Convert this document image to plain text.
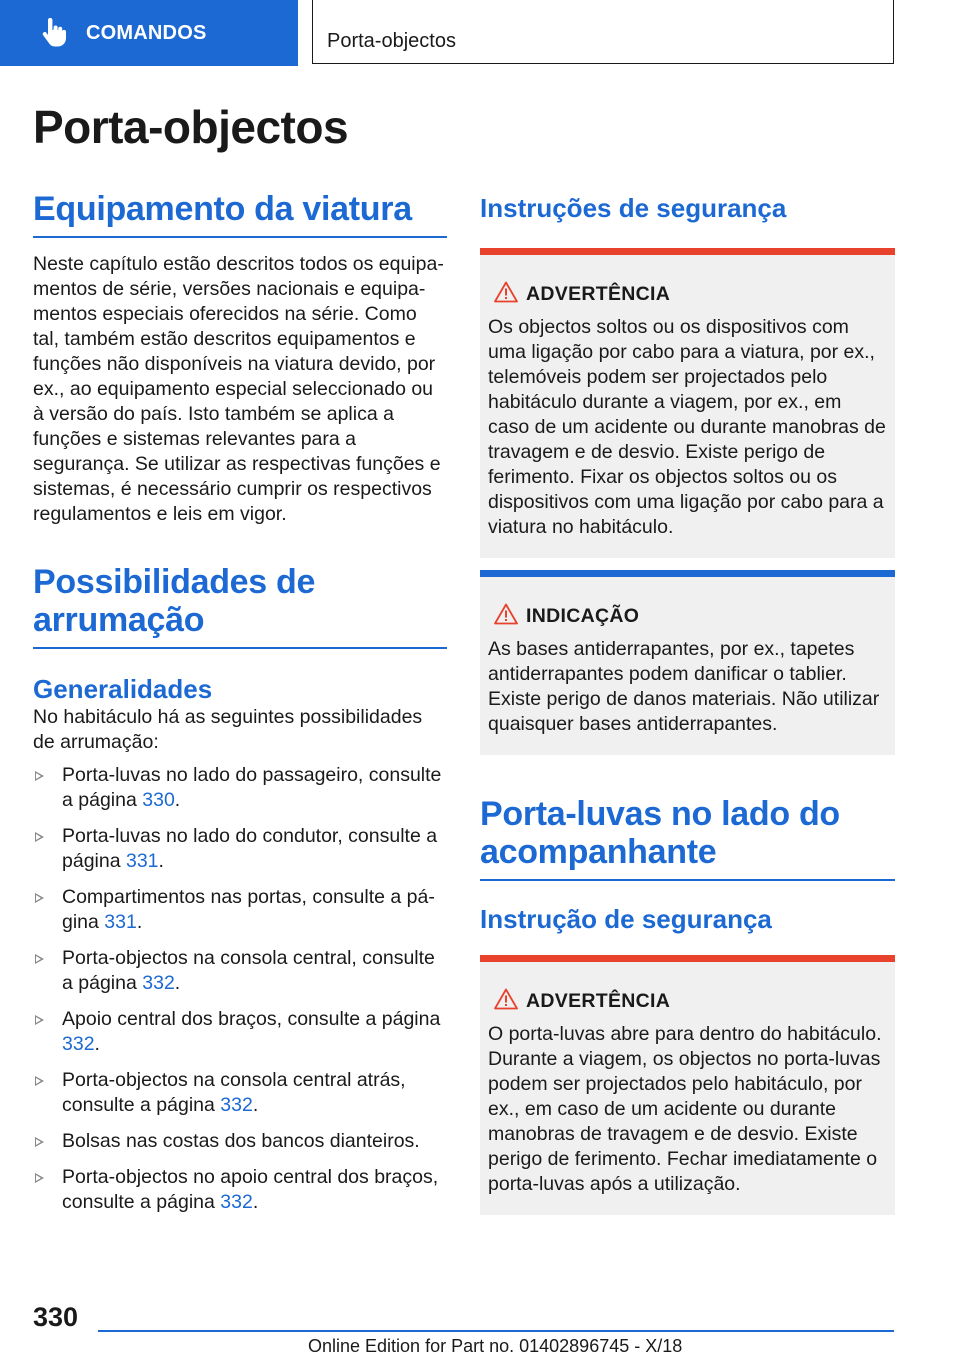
COMANDOS	Porta-objectos
Porta-objectos
Equipamento da viatura

Neste capítulo estão descritos todos os equipamentos de série, versões nacionais e equipamentos especiais oferecidos na série. Como tal, também estão descritos equipamentos e funções não disponíveis na viatura devido, por ex., ao equipamento especial seleccionado ou à versão do país. Isto também se aplica a funções e sistemas relevantes para a segurança. Se utilizar as respectivas funções e sistemas, é necessário cumprir os respectivos regulamentos e leis em vigor.

Possibilidades de arrumação
Generalidades

No habitáculo há as seguintes possibilidades de arrumação:

Porta-luvas no lado do passageiro, consulte a página 330.
Porta-luvas no lado do condutor, consulte a página 331.
Compartimentos nas portas, consulte a página 331.
Porta-objectos na consola central, consulte a página 332.
Apoio central dos braços, consulte a página 332.
Porta-objectos na consola central atrás, consulte a página 332.
Bolsas nas costas dos bancos dianteiros.
Porta-objectos no apoio central dos braços, consulte a página 332.
Instruções de segurança
ADVERTÊNCIA

Os objectos soltos ou os dispositivos com uma ligação por cabo para a viatura, por ex., telemóveis podem ser projectados pelo habitáculo durante a viagem, por ex., em caso de um acidente ou durante manobras de travagem e de desvio. Existe perigo de ferimento. Fixar os objectos soltos ou os dispositivos com uma ligação por cabo para a viatura no habitáculo.

INDICAÇÃO

As bases antiderrapantes, por ex., tapetes antiderrapantes podem danificar o tablier. Existe perigo de danos materiais. Não utilizar quaisquer bases antiderrapantes.

Porta-luvas no lado do acompanhante
Instrução de segurança
ADVERTÊNCIA

O porta-luvas abre para dentro do habitáculo. Durante a viagem, os objectos no porta-luvas podem ser projectados pelo habitáculo, por ex., em caso de um acidente ou durante manobras de travagem e de desvio. Existe perigo de ferimento. Fechar imediatamente o porta-luvas após a utilização.

330
Online Edition for Part no. 01402896745 - X/18
